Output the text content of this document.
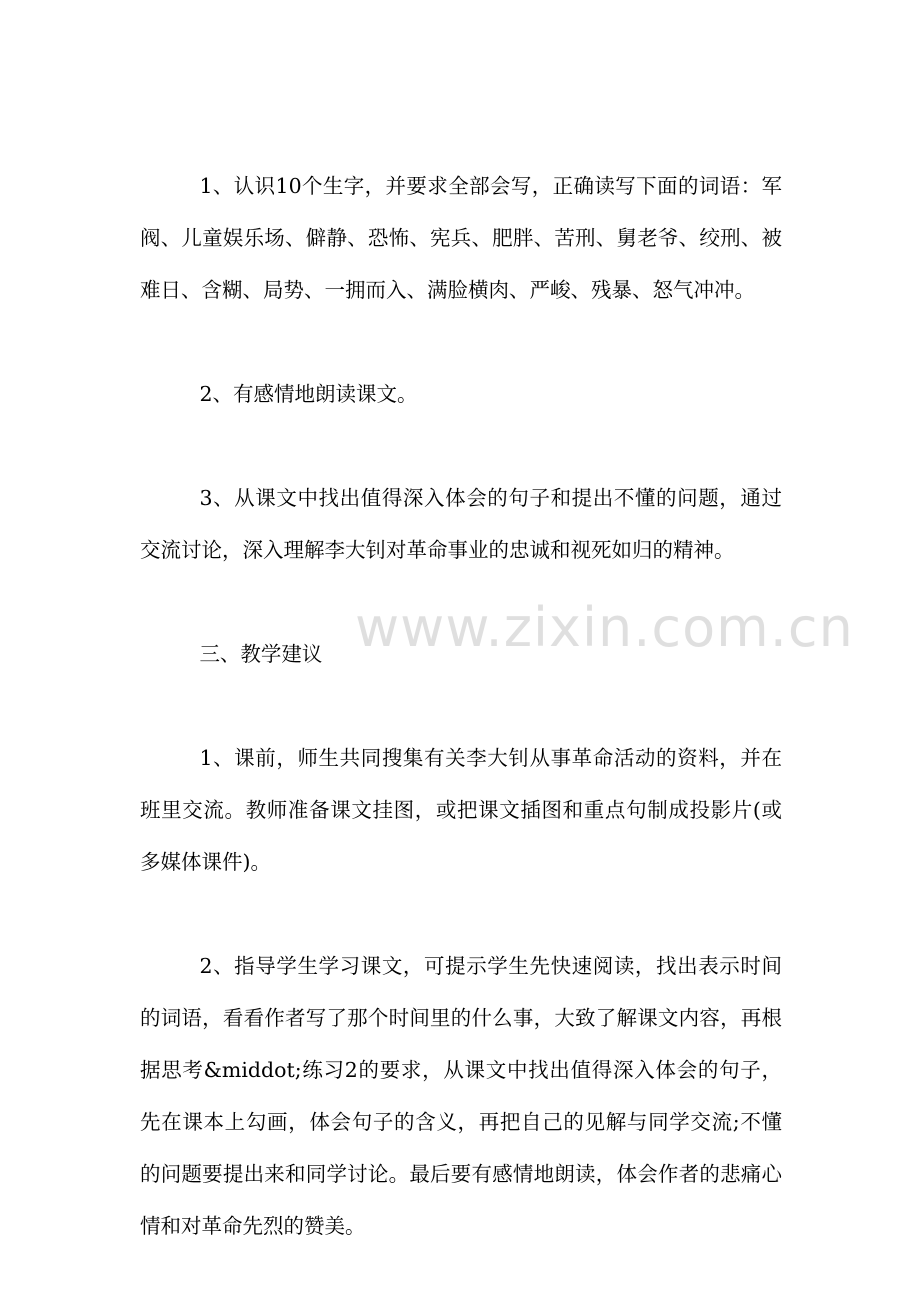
1、认识10个生字，并要求全部会写，正确读写下面的词语：军阀、儿童娱乐场、僻静、恐怖、宪兵、肥胖、苦刑、舅老爷、绞刑、被难日、含糊、局势、一拥而入、满脸横肉、严峻、残暴、怒气冲冲。

2、有感情地朗读课文。

3、从课文中找出值得深入体会的句子和提出不懂的问题，通过交流讨论，深入理解李大钊对革命事业的忠诚和视死如归的精神。

三、教学建议

1、课前，师生共同搜集有关李大钊从事革命活动的资料，并在班里交流。教师准备课文挂图，或把课文插图和重点句制成投影片(或多媒体课件)。

2、指导学生学习课文，可提示学生先快速阅读，找出表示时间的词语，看看作者写了那个时间里的什么事，大致了解课文内容，再根据思考&middot;练习2的要求，从课文中找出值得深入体会的句子，先在课本上勾画，体会句子的含义，再把自己的见解与同学交流;不懂的问题要提出来和同学讨论。最后要有感情地朗读，体会作者的悲痛心情和对革命先烈的赞美。

www.zixin.com.cn
